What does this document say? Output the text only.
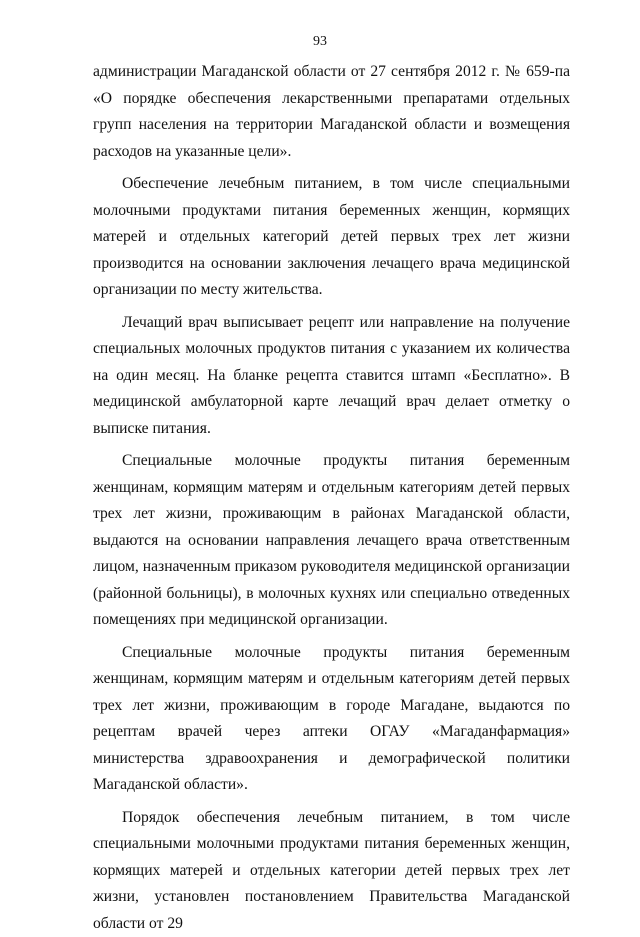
93

администрации Магаданской области от 27 сентября 2012 г. № 659-па «О порядке обеспечения лекарственными препаратами отдельных групп населения на территории Магаданской области и возмещения расходов на указанные цели».

Обеспечение лечебным питанием, в том числе специальными молочными продуктами питания беременных женщин, кормящих матерей и отдельных категорий детей первых трех лет жизни производится на основании заключения лечащего врача медицинской организации по месту жительства.

Лечащий врач выписывает рецепт или направление на получение специальных молочных продуктов питания с указанием их количества на один месяц. На бланке рецепта ставится штамп «Бесплатно». В медицинской амбулаторной карте лечащий врач делает отметку о выписке питания.

Специальные молочные продукты питания беременным женщинам, кормящим матерям и отдельным категориям детей первых трех лет жизни, проживающим в районах Магаданской области, выдаются на основании направления лечащего врача ответственным лицом, назначенным приказом руководителя медицинской организации (районной больницы), в молочных кухнях или специально отведенных помещениях при медицинской организации.

Специальные молочные продукты питания беременным женщинам, кормящим матерям и отдельным категориям детей первых трех лет жизни, проживающим в городе Магадане, выдаются по рецептам врачей через аптеки ОГАУ «Магаданфармация» министерства здравоохранения и демографической политики Магаданской области».

Порядок обеспечения лечебным питанием, в том числе специальными молочными продуктами питания беременных женщин, кормящих матерей и отдельных категории детей первых трех лет жизни, установлен постановлением Правительства Магаданской области от 29
